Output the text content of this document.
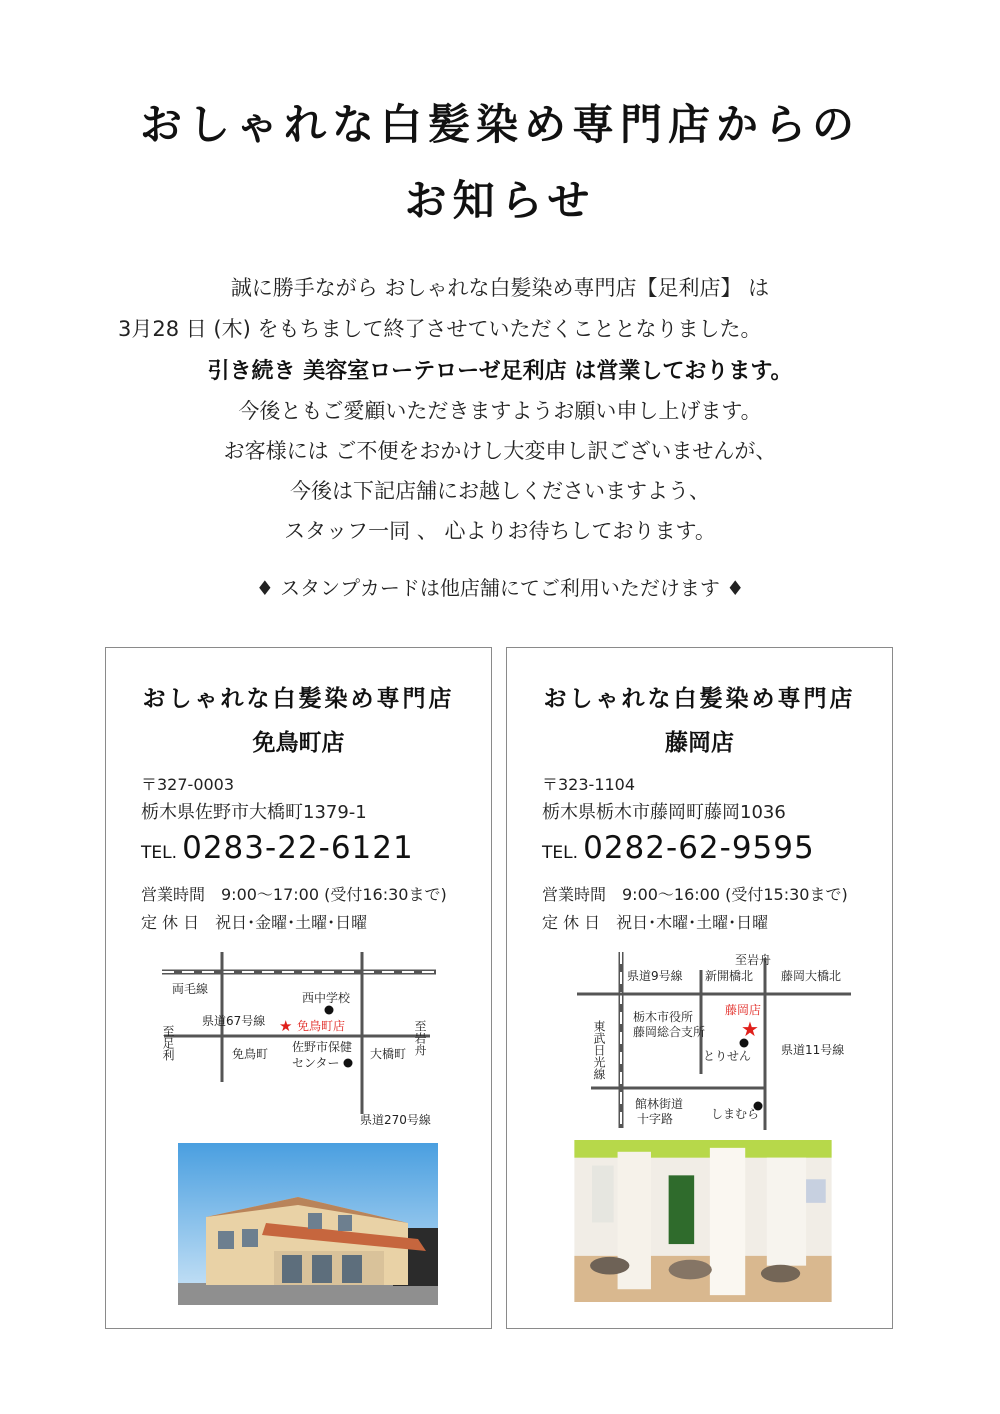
おしゃれな白髪染め専門店からの
お知らせ
誠に勝手ながら おしゃれな白髪染め専門店【足利店】 は
3月28 日 (木) をもちまして終了させていただくこととなりました。
引き続き 美容室ローテローゼ足利店 は営業しております。
今後ともご愛顧いただきますようお願い申し上げます。
お客様には ご不便をおかけし大変申し訳ございませんが、
今後は下記店舗にお越しくださいますよう、
スタッフ一同 、 心よりお待ちしております。
♦ スタンプカードは他店舗にてご利用いただけます ♦
おしゃれな白髪染め専門店
免鳥町店
〒327-0003
栃木県佐野市大橋町1379-1
TEL. 0283-22-6121
営業時間　9:00～17:00 (受付16:30まで)
定 休 日　祝日･金曜･土曜･日曜
両毛線
西中学校
県道67号線 ★ 免鳥町店
至足利	至岩舟
免鳥町 佐野市保健
センター
大橋町
県道270号線
おしゃれな白髪染め専門店
藤岡店
〒323-1104
栃木県栃木市藤岡町藤岡1036
TEL. 0282-62-9595
営業時間　9:00～16:00 (受付15:30まで)
定 休 日　祝日･木曜･土曜･日曜
至岩舟
県道9号線 新開橋北 藤岡大橋北
藤岡店
★
東武日光線
栃木市役所
藤岡総合支所
とりせん 県道11号線
館林街道
十字路	しまむら
